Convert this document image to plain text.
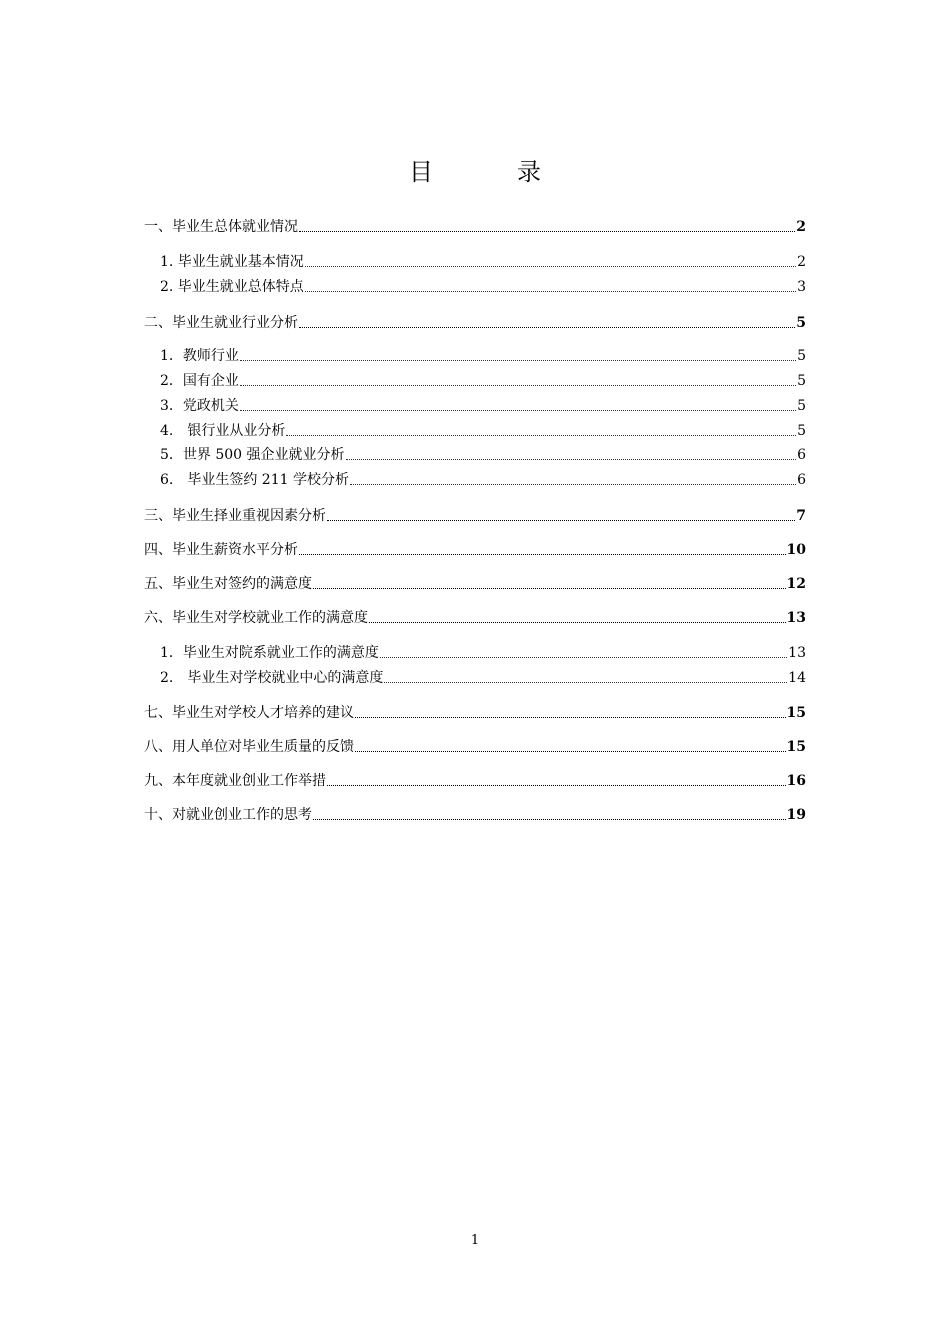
目　录
一、毕业生总体就业情况	2
1. 毕业生就业基本情况	2
2. 毕业生就业总体特点	3
二、毕业生就业行业分析	5
1．教师行业	5
2．国有企业	5
3．党政机关	5
4.　银行业从业分析	5
5．世界 500 强企业就业分析	6
6.　毕业生签约 211 学校分析	6
三、毕业生择业重视因素分析	7
四、毕业生薪资水平分析	10
五、毕业生对签约的满意度	12
六、毕业生对学校就业工作的满意度	13
1．毕业生对院系就业工作的满意度	13
2.　毕业生对学校就业中心的满意度	14
七、毕业生对学校人才培养的建议	15
八、用人单位对毕业生质量的反馈	15
九、本年度就业创业工作举措	16
十、对就业创业工作的思考	19
1
